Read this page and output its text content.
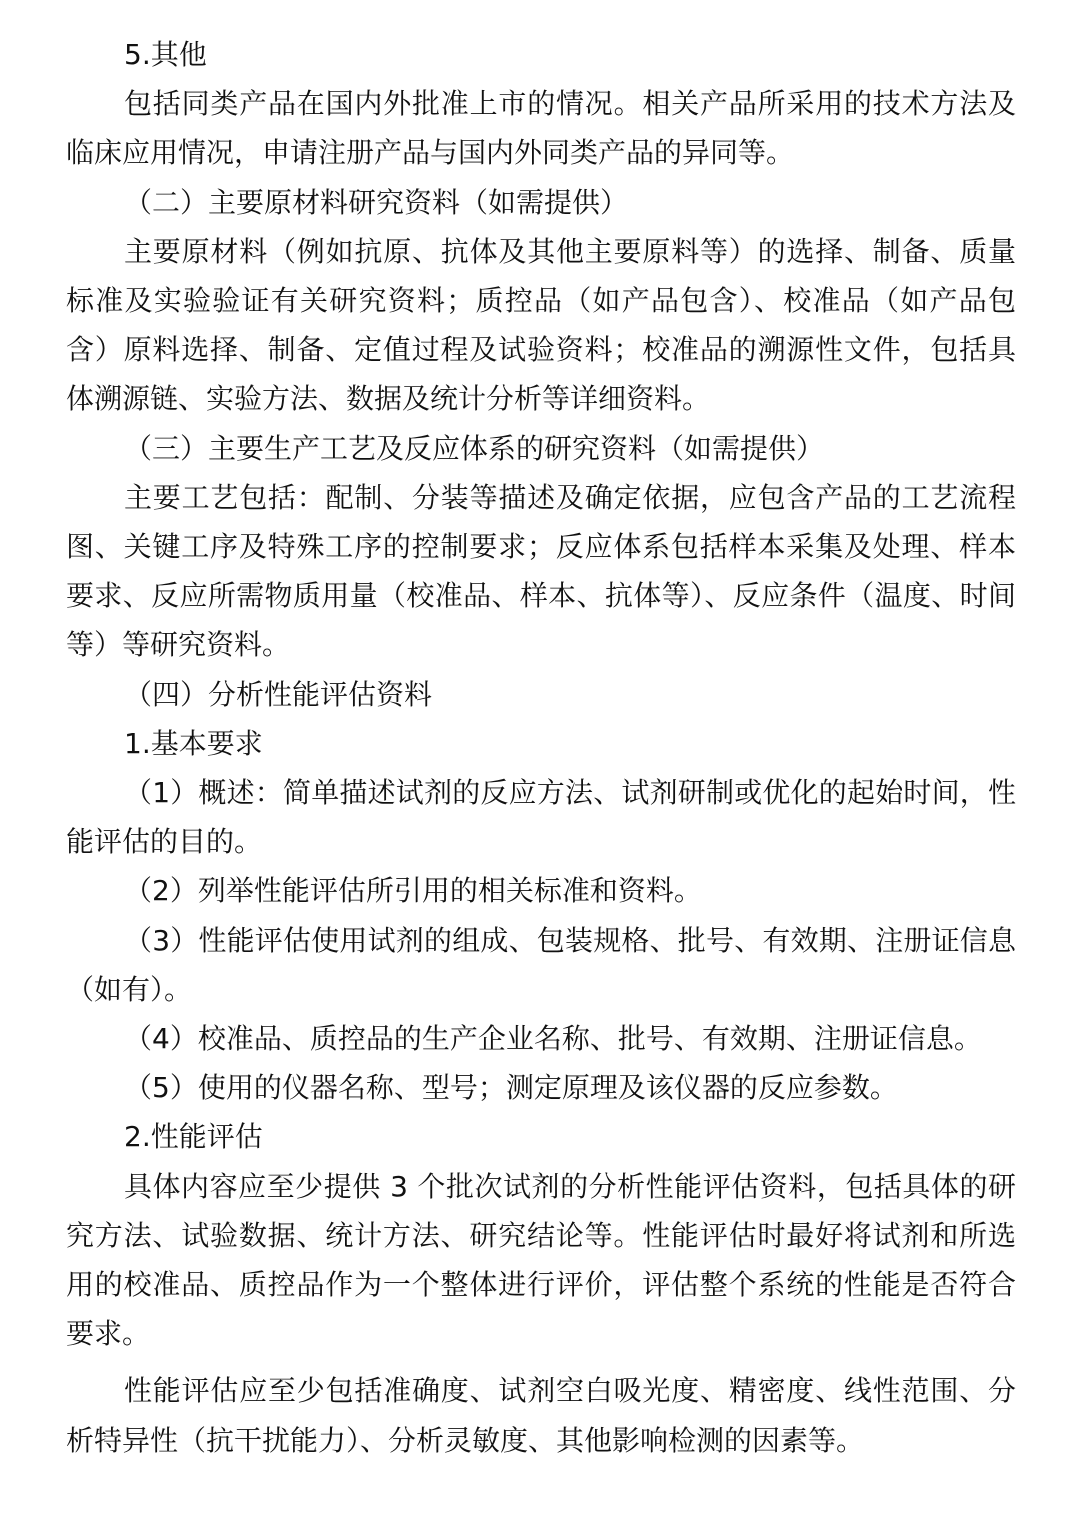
5.其他

包括同类产品在国内外批准上市的情况。相关产品所采用的技术方法及临床应用情况，申请注册产品与国内外同类产品的异同等。

（二）主要原材料研究资料（如需提供）

主要原材料（例如抗原、抗体及其他主要原料等）的选择、制备、质量标准及实验验证有关研究资料；质控品（如产品包含）、校准品（如产品包含）原料选择、制备、定值过程及试验资料；校准品的溯源性文件，包括具体溯源链、实验方法、数据及统计分析等详细资料。

（三）主要生产工艺及反应体系的研究资料（如需提供）

主要工艺包括：配制、分装等描述及确定依据，应包含产品的工艺流程图、关键工序及特殊工序的控制要求；反应体系包括样本采集及处理、样本要求、反应所需物质用量（校准品、样本、抗体等）、反应条件（温度、时间等）等研究资料。

（四）分析性能评估资料

1.基本要求

（1）概述：简单描述试剂的反应方法、试剂研制或优化的起始时间，性能评估的目的。

（2）列举性能评估所引用的相关标准和资料。

（3）性能评估使用试剂的组成、包装规格、批号、有效期、注册证信息（如有）。

（4）校准品、质控品的生产企业名称、批号、有效期、注册证信息。

（5）使用的仪器名称、型号；测定原理及该仪器的反应参数。

2.性能评估

具体内容应至少提供 3 个批次试剂的分析性能评估资料，包括具体的研究方法、试验数据、统计方法、研究结论等。性能评估时最好将试剂和所选用的校准品、质控品作为一个整体进行评价，评估整个系统的性能是否符合要求。

性能评估应至少包括准确度、试剂空白吸光度、精密度、线性范围、分析特异性（抗干扰能力）、分析灵敏度、其他影响检测的因素等。
